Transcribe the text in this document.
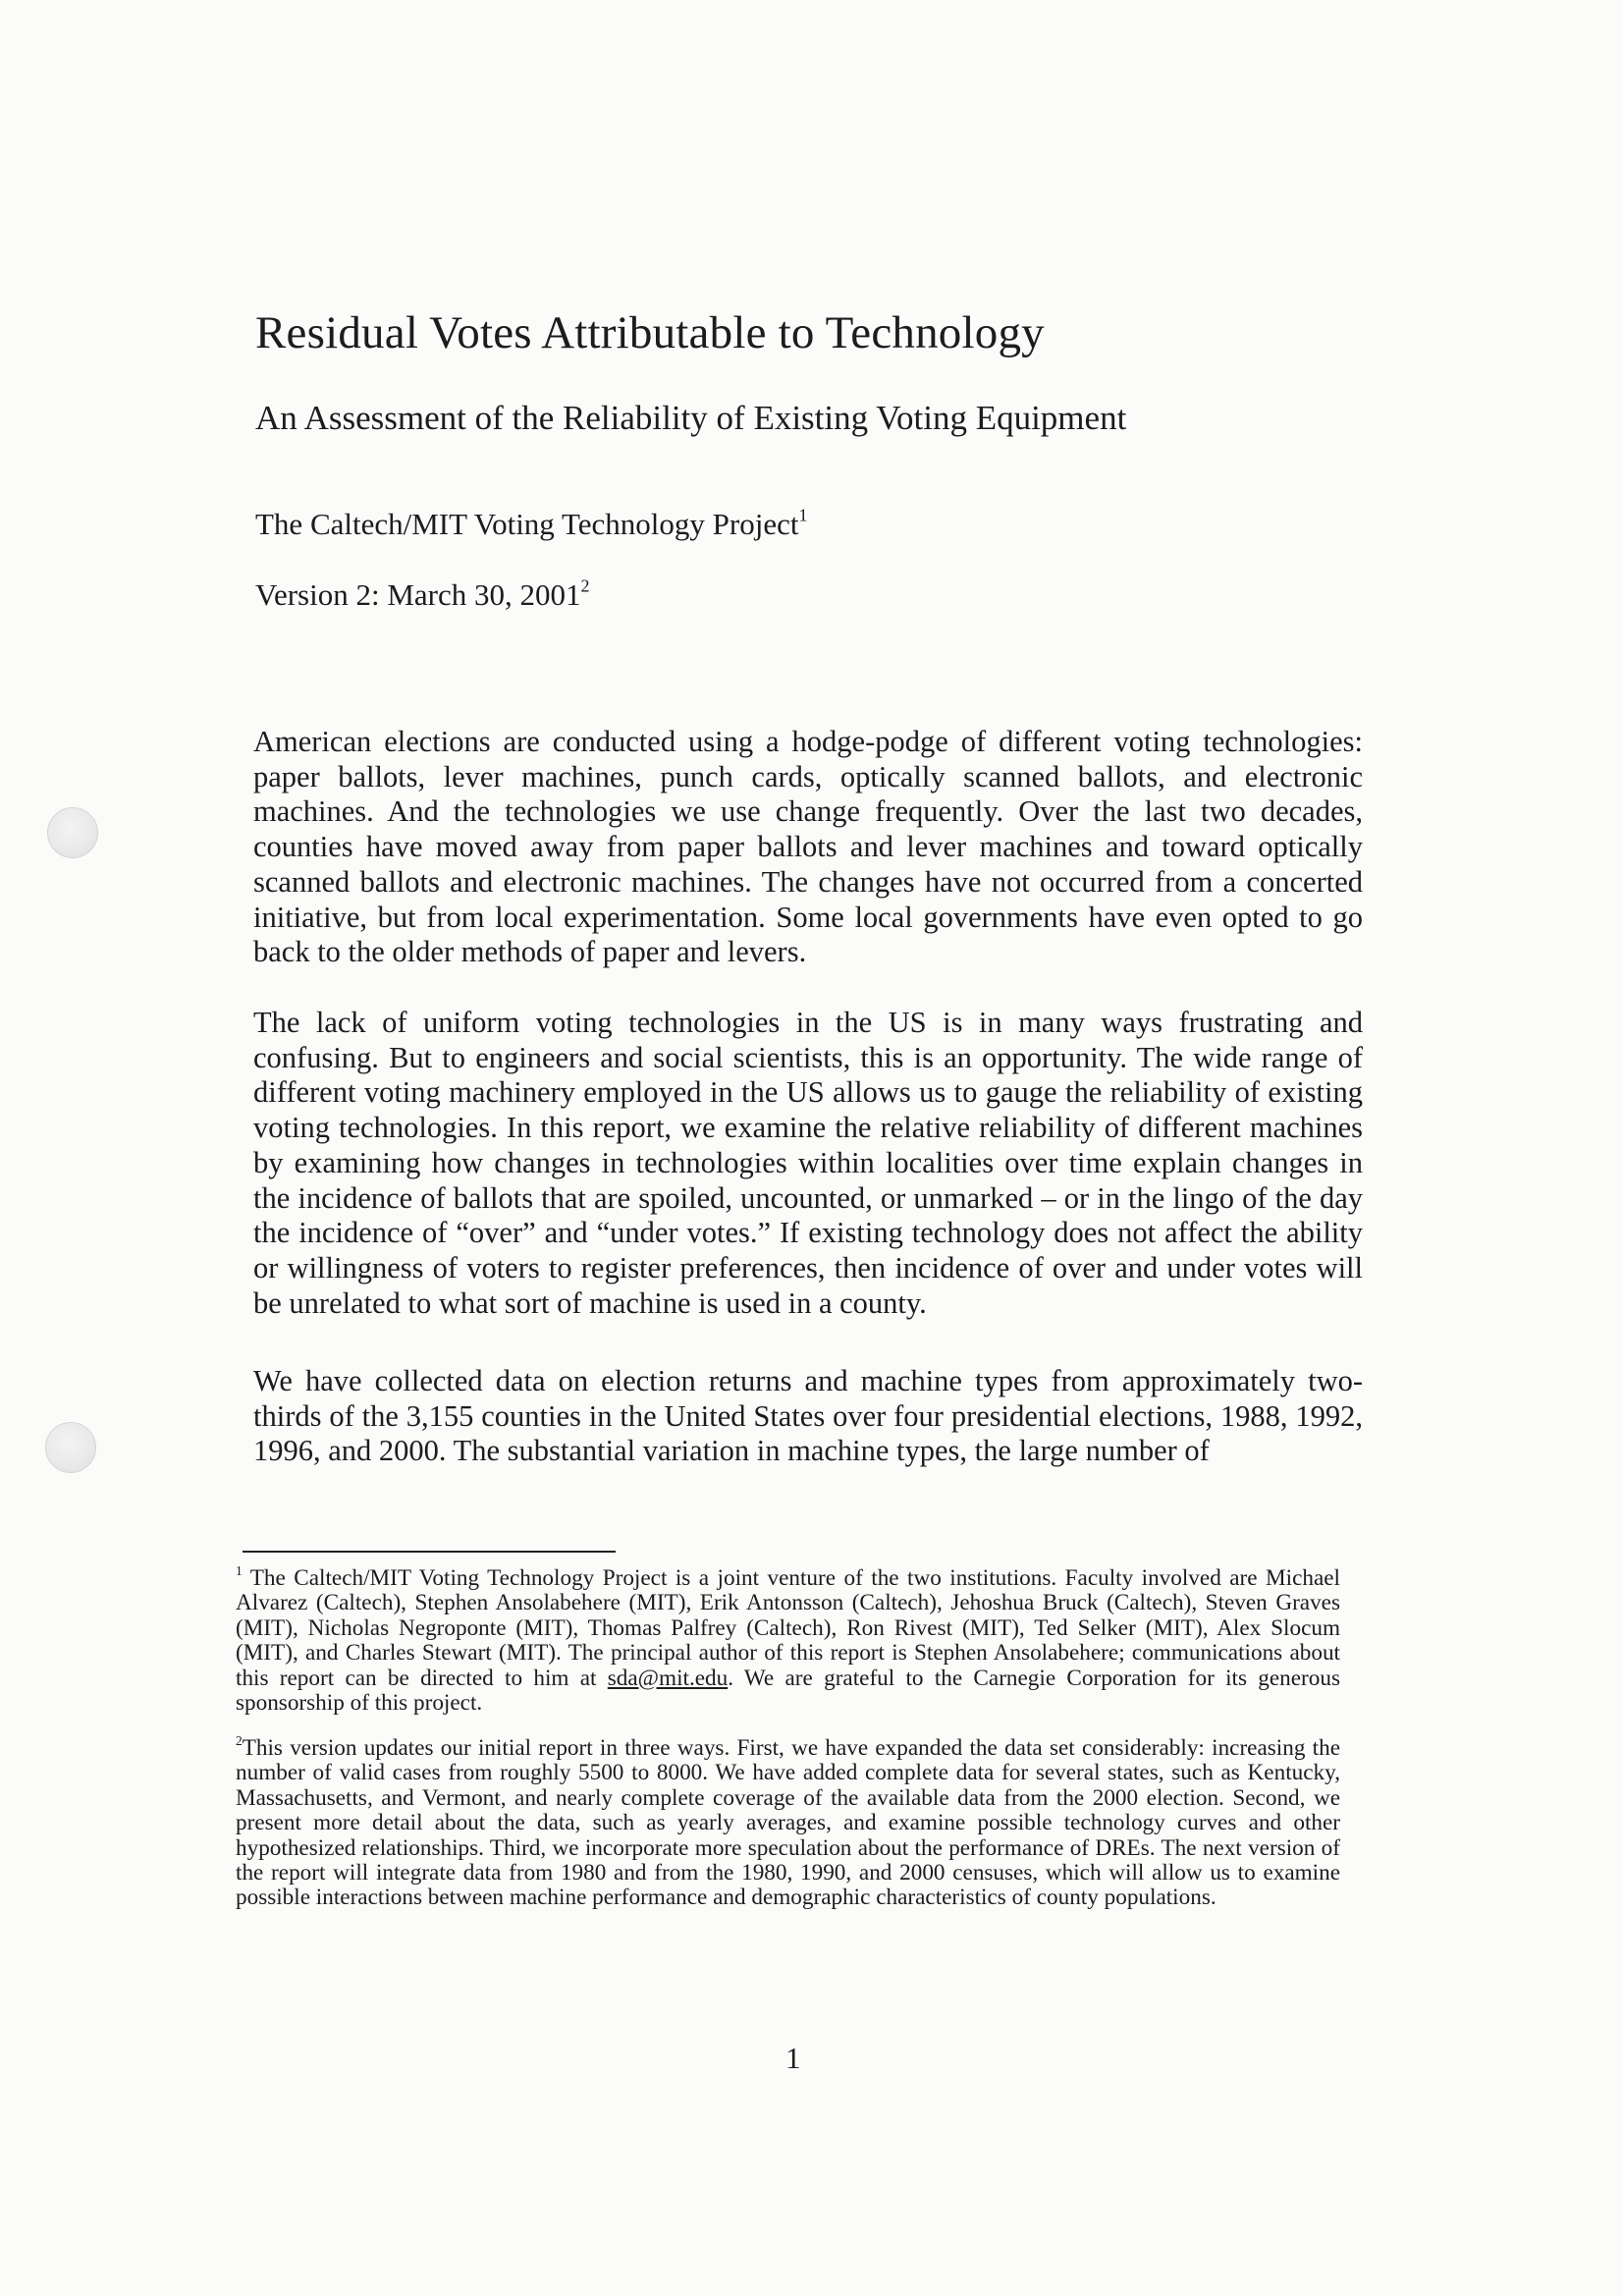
Residual Votes Attributable to Technology
An Assessment of the Reliability of Existing Voting Equipment
The Caltech/MIT Voting Technology Project$^1$
Version 2: March 30, 2001$^2$

American elections are conducted using a hodge-podge of different voting technologies: paper ballots, lever machines, punch cards, optically scanned ballots, and electronic machines. And the technologies we use change frequently. Over the last two decades, counties have moved away from paper ballots and lever machines and toward optically scanned ballots and electronic machines. The changes have not occurred from a concerted initiative, but from local experimentation. Some local governments have even opted to go back to the older methods of paper and levers.

The lack of uniform voting technologies in the US is in many ways frustrating and confusing. But to engineers and social scientists, this is an opportunity. The wide range of different voting machinery employed in the US allows us to gauge the reliability of existing voting technologies. In this report, we examine the relative reliability of different machines by examining how changes in technologies within localities over time explain changes in the incidence of ballots that are spoiled, uncounted, or unmarked – or in the lingo of the day the incidence of “over” and “under votes.” If existing technology does not affect the ability or willingness of voters to register preferences, then incidence of over and under votes will be unrelated to what sort of machine is used in a county.

We have collected data on election returns and machine types from approximately two-thirds of the 3,155 counties in the United States over four presidential elections, 1988, 1992, 1996, and 2000. The substantial variation in machine types, the large number of

$^1$ The Caltech/MIT Voting Technology Project is a joint venture of the two institutions. Faculty involved are Michael Alvarez (Caltech), Stephen Ansolabehere (MIT), Erik Antonsson (Caltech), Jehoshua Bruck (Caltech), Steven Graves (MIT), Nicholas Negroponte (MIT), Thomas Palfrey (Caltech), Ron Rivest (MIT), Ted Selker (MIT), Alex Slocum (MIT), and Charles Stewart (MIT). The principal author of this report is Stephen Ansolabehere; communications about this report can be directed to him at sda@mit.edu. We are grateful to the Carnegie Corporation for its generous sponsorship of this project.

$^2$This version updates our initial report in three ways. First, we have expanded the data set considerably: increasing the number of valid cases from roughly 5500 to 8000. We have added complete data for several states, such as Kentucky, Massachusetts, and Vermont, and nearly complete coverage of the available data from the 2000 election. Second, we present more detail about the data, such as yearly averages, and examine possible technology curves and other hypothesized relationships. Third, we incorporate more speculation about the performance of DREs. The next version of the report will integrate data from 1980 and from the 1980, 1990, and 2000 censuses, which will allow us to examine possible interactions between machine performance and demographic characteristics of county populations.

1
